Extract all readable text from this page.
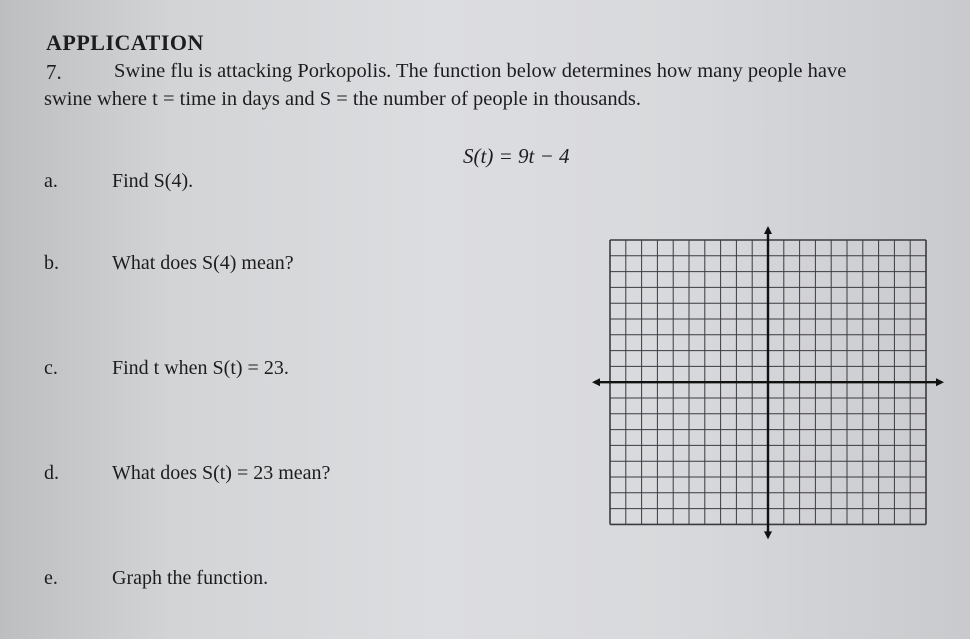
APPLICATION
7.	Swine flu is attacking Porkopolis. The function below determines how many people have
swine where t = time in days and S = the number of people in thousands.
S(t) = 9t − 4
a.	Find S(4).
b.	What does S(4) mean?
c.	Find t when S(t) = 23.
d.	What does S(t) = 23 mean?
e.	Graph the function.
